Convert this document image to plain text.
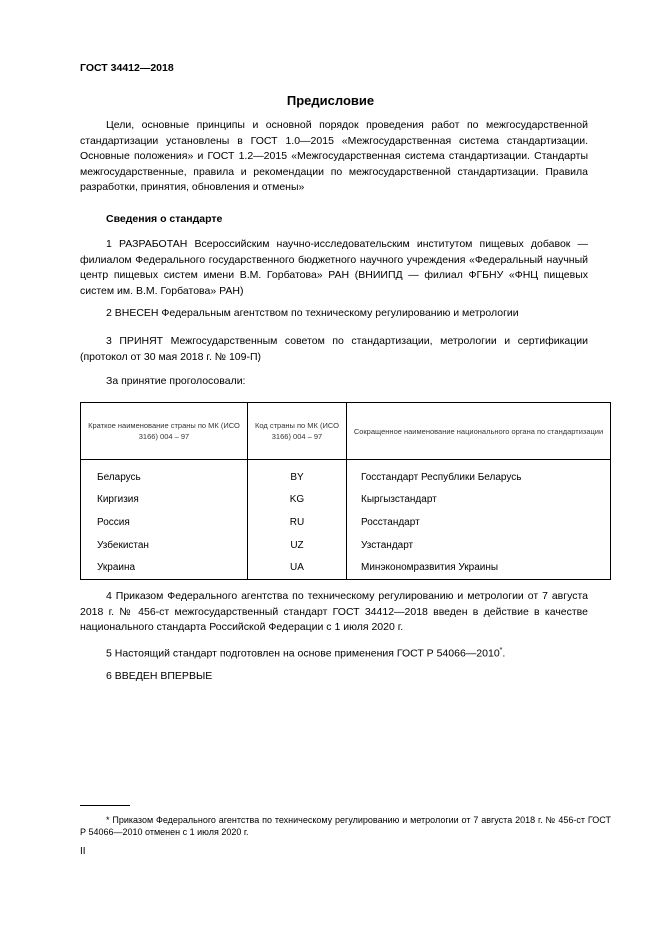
ГОСТ 34412—2018
Предисловие
Цели, основные принципы и основной порядок проведения работ по межгосударственной стандартизации установлены в ГОСТ 1.0—2015 «Межгосударственная система стандартизации. Основные положения» и ГОСТ 1.2—2015 «Межгосударственная система стандартизации. Стандарты межгосударственные, правила и рекомендации по межгосударственной стандартизации. Правила разработки, принятия, обновления и отмены»
Сведения о стандарте
1 РАЗРАБОТАН Всероссийским научно-исследовательским институтом пищевых добавок — филиалом Федерального государственного бюджетного научного учреждения «Федеральный научный центр пищевых систем имени В.М. Горбатова» РАН (ВНИИПД — филиал ФГБНУ «ФНЦ пищевых систем им. В.М. Горбатова» РАН)
2 ВНЕСЕН Федеральным агентством по техническому регулированию и метрологии
3 ПРИНЯТ Межгосударственным советом по стандартизации, метрологии и сертификации (протокол от 30 мая 2018 г. № 109-П)
За принятие проголосовали:
Краткое наименование страны по МК (ИСО 3166) 004 – 97	Код страны по МК (ИСО 3166) 004 – 97	Сокращенное наименование национального органа по стандартизации
Беларусь	BY	Госстандарт Республики Беларусь
Киргизия	KG	Кыргызстандарт
Россия	RU	Росстандарт
Узбекистан	UZ	Узстандарт
Украина	UA	Минэкономразвития Украины
4 Приказом Федерального агентства по техническому регулированию и метрологии от 7 августа 2018 г. № 456-ст межгосударственный стандарт ГОСТ 34412—2018 введен в действие в качестве национального стандарта Российской Федерации с 1 июля 2020 г.
5 Настоящий стандарт подготовлен на основе применения ГОСТ Р 54066—2010*.
6 ВВЕДЕН ВПЕРВЫЕ
* Приказом Федерального агентства по техническому регулированию и метрологии от 7 августа 2018 г. № 456-ст ГОСТ Р 54066—2010 отменен с 1 июля 2020 г.
II
